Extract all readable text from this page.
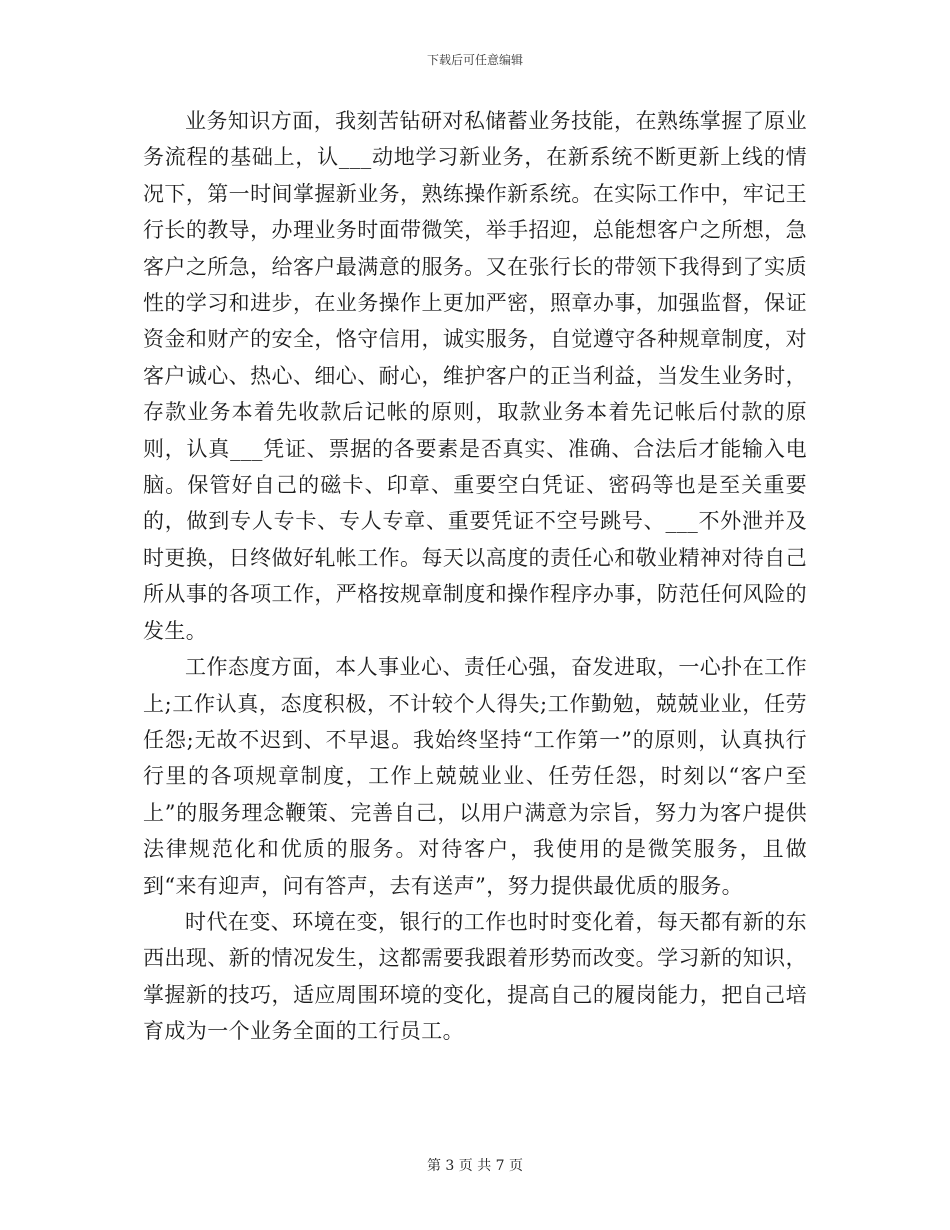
下载后可任意编辑

业务知识方面，我刻苦钻研对私储蓄业务技能，在熟练掌握了原业务流程的基础上，认___动地学习新业务，在新系统不断更新上线的情况下，第一时间掌握新业务，熟练操作新系统。在实际工作中，牢记王行长的教导，办理业务时面带微笑，举手招迎，总能想客户之所想，急客户之所急，给客户最满意的服务。又在张行长的带领下我得到了实质性的学习和进步，在业务操作上更加严密，照章办事，加强监督，保证资金和财产的安全，恪守信用，诚实服务，自觉遵守各种规章制度，对客户诚心、热心、细心、耐心，维护客户的正当利益，当发生业务时，存款业务本着先收款后记帐的原则，取款业务本着先记帐后付款的原则，认真___凭证、票据的各要素是否真实、准确、合法后才能输入电脑。保管好自己的磁卡、印章、重要空白凭证、密码等也是至关重要的，做到专人专卡、专人专章、重要凭证不空号跳号、___不外泄并及时更换，日终做好轧帐工作。每天以高度的责任心和敬业精神对待自己所从事的各项工作，严格按规章制度和操作程序办事，防范任何风险的发生。

工作态度方面，本人事业心、责任心强，奋发进取，一心扑在工作上;工作认真，态度积极，不计较个人得失;工作勤勉，兢兢业业，任劳任怨;无故不迟到、不早退。我始终坚持“工作第一”的原则，认真执行行里的各项规章制度，工作上兢兢业业、任劳任怨，时刻以“客户至上”的服务理念鞭策、完善自己，以用户满意为宗旨，努力为客户提供法律规范化和优质的服务。对待客户，我使用的是微笑服务，且做到“来有迎声，问有答声，去有送声”，努力提供最优质的服务。

时代在变、环境在变，银行的工作也时时变化着，每天都有新的东西出现、新的情况发生，这都需要我跟着形势而改变。学习新的知识，掌握新的技巧，适应周围环境的变化，提高自己的履岗能力，把自己培育成为一个业务全面的工行员工。

第 3 页 共 7 页
